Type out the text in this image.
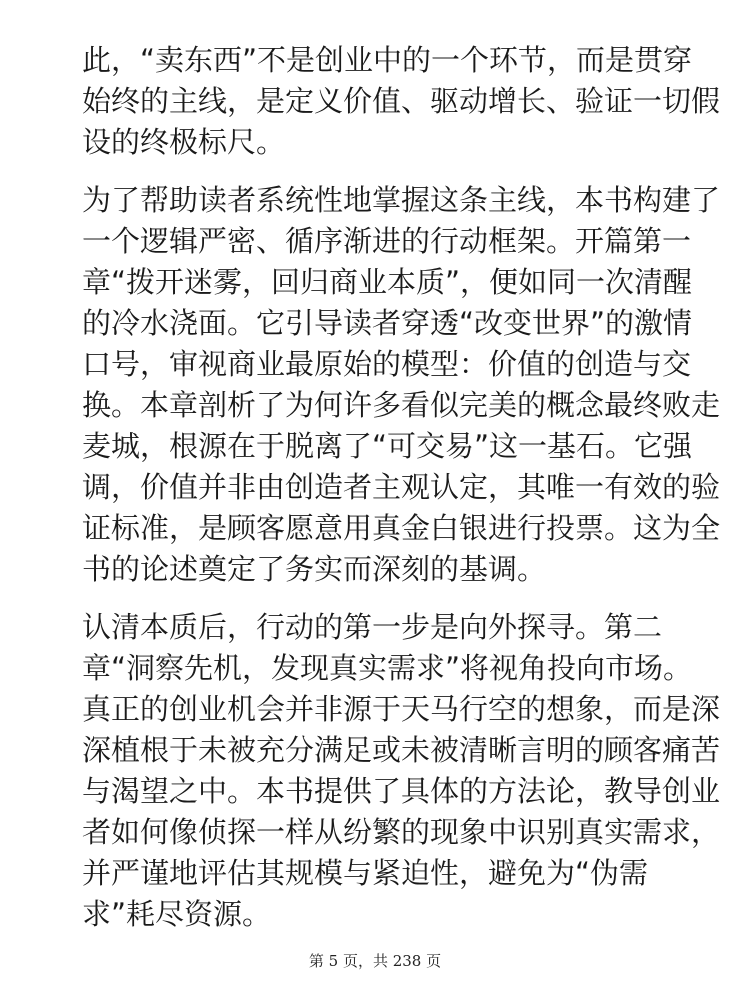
此，“卖东西”不是创业中的一个环节，而是贯穿
始终的主线，是定义价值、驱动增长、验证一切假
设的终极标尺。

为了帮助读者系统性地掌握这条主线，本书构建了
一个逻辑严密、循序渐进的行动框架。开篇第一
章“拨开迷雾，回归商业本质”，便如同一次清醒
的冷水浇面。它引导读者穿透“改变世界”的激情
口号，审视商业最原始的模型：价值的创造与交
换。本章剖析了为何许多看似完美的概念最终败走
麦城，根源在于脱离了“可交易”这一基石。它强
调，价值并非由创造者主观认定，其唯一有效的验
证标准，是顾客愿意用真金白银进行投票。这为全
书的论述奠定了务实而深刻的基调。

认清本质后，行动的第一步是向外探寻。第二
章“洞察先机，发现真实需求”将视角投向市场。
真正的创业机会并非源于天马行空的想象，而是深
深植根于未被充分满足或未被清晰言明的顾客痛苦
与渴望之中。本书提供了具体的方法论，教导创业
者如何像侦探一样从纷繁的现象中识别真实需求，
并严谨地评估其规模与紧迫性，避免为“伪需
求”耗尽资源。

第 5 页，共 238 页
